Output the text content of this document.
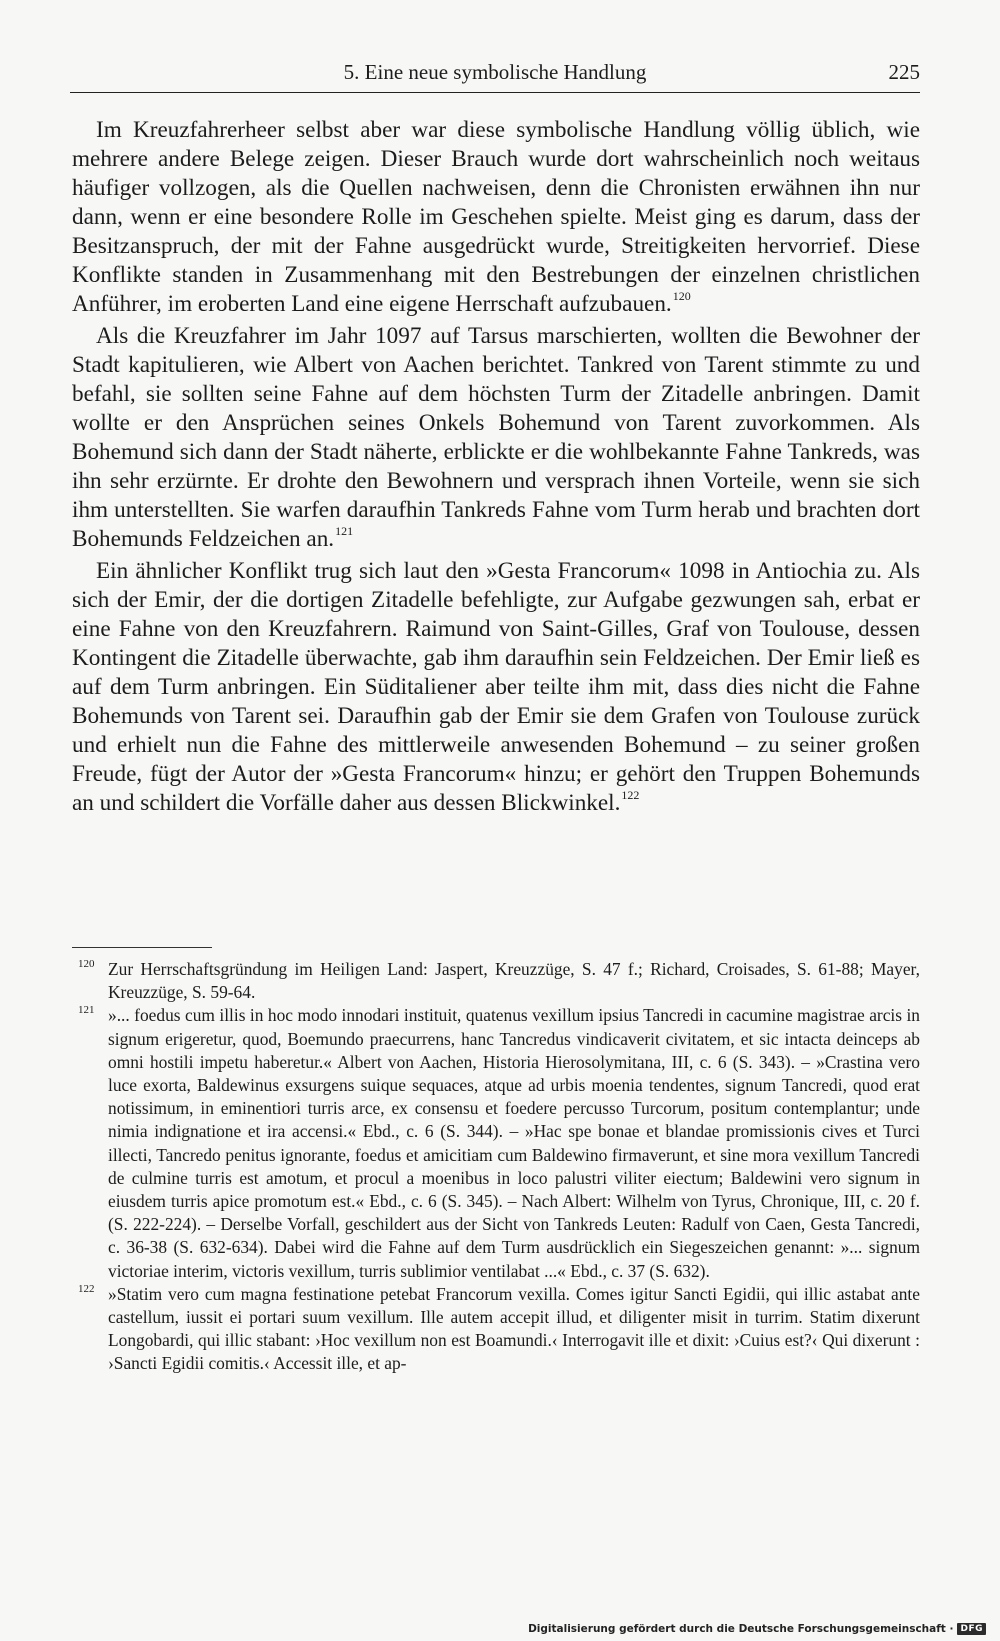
5. Eine neue symbolische Handlung	225

Im Kreuzfahrerheer selbst aber war diese symbolische Handlung völlig üblich, wie mehrere andere Belege zeigen. Dieser Brauch wurde dort wahrscheinlich noch weitaus häufiger vollzogen, als die Quellen nachweisen, denn die Chronisten erwähnen ihn nur dann, wenn er eine besondere Rolle im Geschehen spielte. Meist ging es darum, dass der Besitzanspruch, der mit der Fahne ausgedrückt wurde, Streitigkeiten hervorrief. Diese Konflikte standen in Zusammenhang mit den Bestrebungen der einzelnen christlichen Anführer, im eroberten Land eine eigene Herrschaft aufzubauen.$^{120}$

Als die Kreuzfahrer im Jahr 1097 auf Tarsus marschierten, wollten die Bewohner der Stadt kapitulieren, wie Albert von Aachen berichtet. Tankred von Tarent stimmte zu und befahl, sie sollten seine Fahne auf dem höchsten Turm der Zitadelle anbringen. Damit wollte er den Ansprüchen seines Onkels Bohemund von Tarent zuvorkommen. Als Bohemund sich dann der Stadt näherte, erblickte er die wohlbekannte Fahne Tankreds, was ihn sehr erzürnte. Er drohte den Bewohnern und versprach ihnen Vorteile, wenn sie sich ihm unterstellten. Sie warfen daraufhin Tankreds Fahne vom Turm herab und brachten dort Bohemunds Feldzeichen an.$^{121}$

Ein ähnlicher Konflikt trug sich laut den »Gesta Francorum« 1098 in Antiochia zu. Als sich der Emir, der die dortigen Zitadelle befehligte, zur Aufgabe gezwungen sah, erbat er eine Fahne von den Kreuzfahrern. Raimund von Saint-Gilles, Graf von Toulouse, dessen Kontingent die Zitadelle überwachte, gab ihm daraufhin sein Feldzeichen. Der Emir ließ es auf dem Turm anbringen. Ein Süditaliener aber teilte ihm mit, dass dies nicht die Fahne Bohemunds von Tarent sei. Daraufhin gab der Emir sie dem Grafen von Toulouse zurück und erhielt nun die Fahne des mittlerweile anwesenden Bohemund – zu seiner großen Freude, fügt der Autor der »Gesta Francorum« hinzu; er gehört den Truppen Bohemunds an und schildert die Vorfälle daher aus dessen Blickwinkel.$^{122}$

120 Zur Herrschaftsgründung im Heiligen Land: Jaspert, Kreuzzüge, S. 47 f.; Richard, Croisades, S. 61-88; Mayer, Kreuzzüge, S. 59-64.
121 »... foedus cum illis in hoc modo innodari instituit, quatenus vexillum ipsius Tancredi in cacumine magistrae arcis in signum erigeretur, quod, Boemundo praecurrens, hanc Tancredus vindicaverit civitatem, et sic intacta deinceps ab omni hostili impetu haberetur.« Albert von Aachen, Historia Hierosolymitana, III, c. 6 (S. 343). – »Crastina vero luce exorta, Baldewinus exsurgens suique sequaces, atque ad urbis moenia tendentes, signum Tancredi, quod erat notissimum, in eminentiori turris arce, ex consensu et foedere percusso Turcorum, positum contemplantur; unde nimia indignatione et ira accensi.« Ebd., c. 6 (S. 344). – »Hac spe bonae et blandae promissionis cives et Turci illecti, Tancredo penitus ignorante, foedus et amicitiam cum Baldewino firmaverunt, et sine mora vexillum Tancredi de culmine turris est amotum, et procul a moenibus in loco palustri viliter eiectum; Baldewini vero signum in eiusdem turris apice promotum est.« Ebd., c. 6 (S. 345). – Nach Albert: Wilhelm von Tyrus, Chronique, III, c. 20 f. (S. 222-224). – Derselbe Vorfall, geschildert aus der Sicht von Tankreds Leuten: Radulf von Caen, Gesta Tancredi, c. 36-38 (S. 632-634). Dabei wird die Fahne auf dem Turm ausdrücklich ein Siegeszeichen genannt: »... signum victoriae interim, victoris vexillum, turris sublimior ventilabat ...« Ebd., c. 37 (S. 632).
122 »Statim vero cum magna festinatione petebat Francorum vexilla. Comes igitur Sancti Egidii, qui illic astabat ante castellum, iussit ei portari suum vexillum. Ille autem accepit illud, et diligenter misit in turrim. Statim dixerunt Longobardi, qui illic stabant: ›Hoc vexillum non est Boamundi.‹ Interrogavit ille et dixit: ›Cuius est?‹ Qui dixerunt : ›Sancti Egidii comitis.‹ Accessit ille, et ap-
Digitalisierung gefördert durch die Deutsche Forschungsgemeinschaft · DFG
